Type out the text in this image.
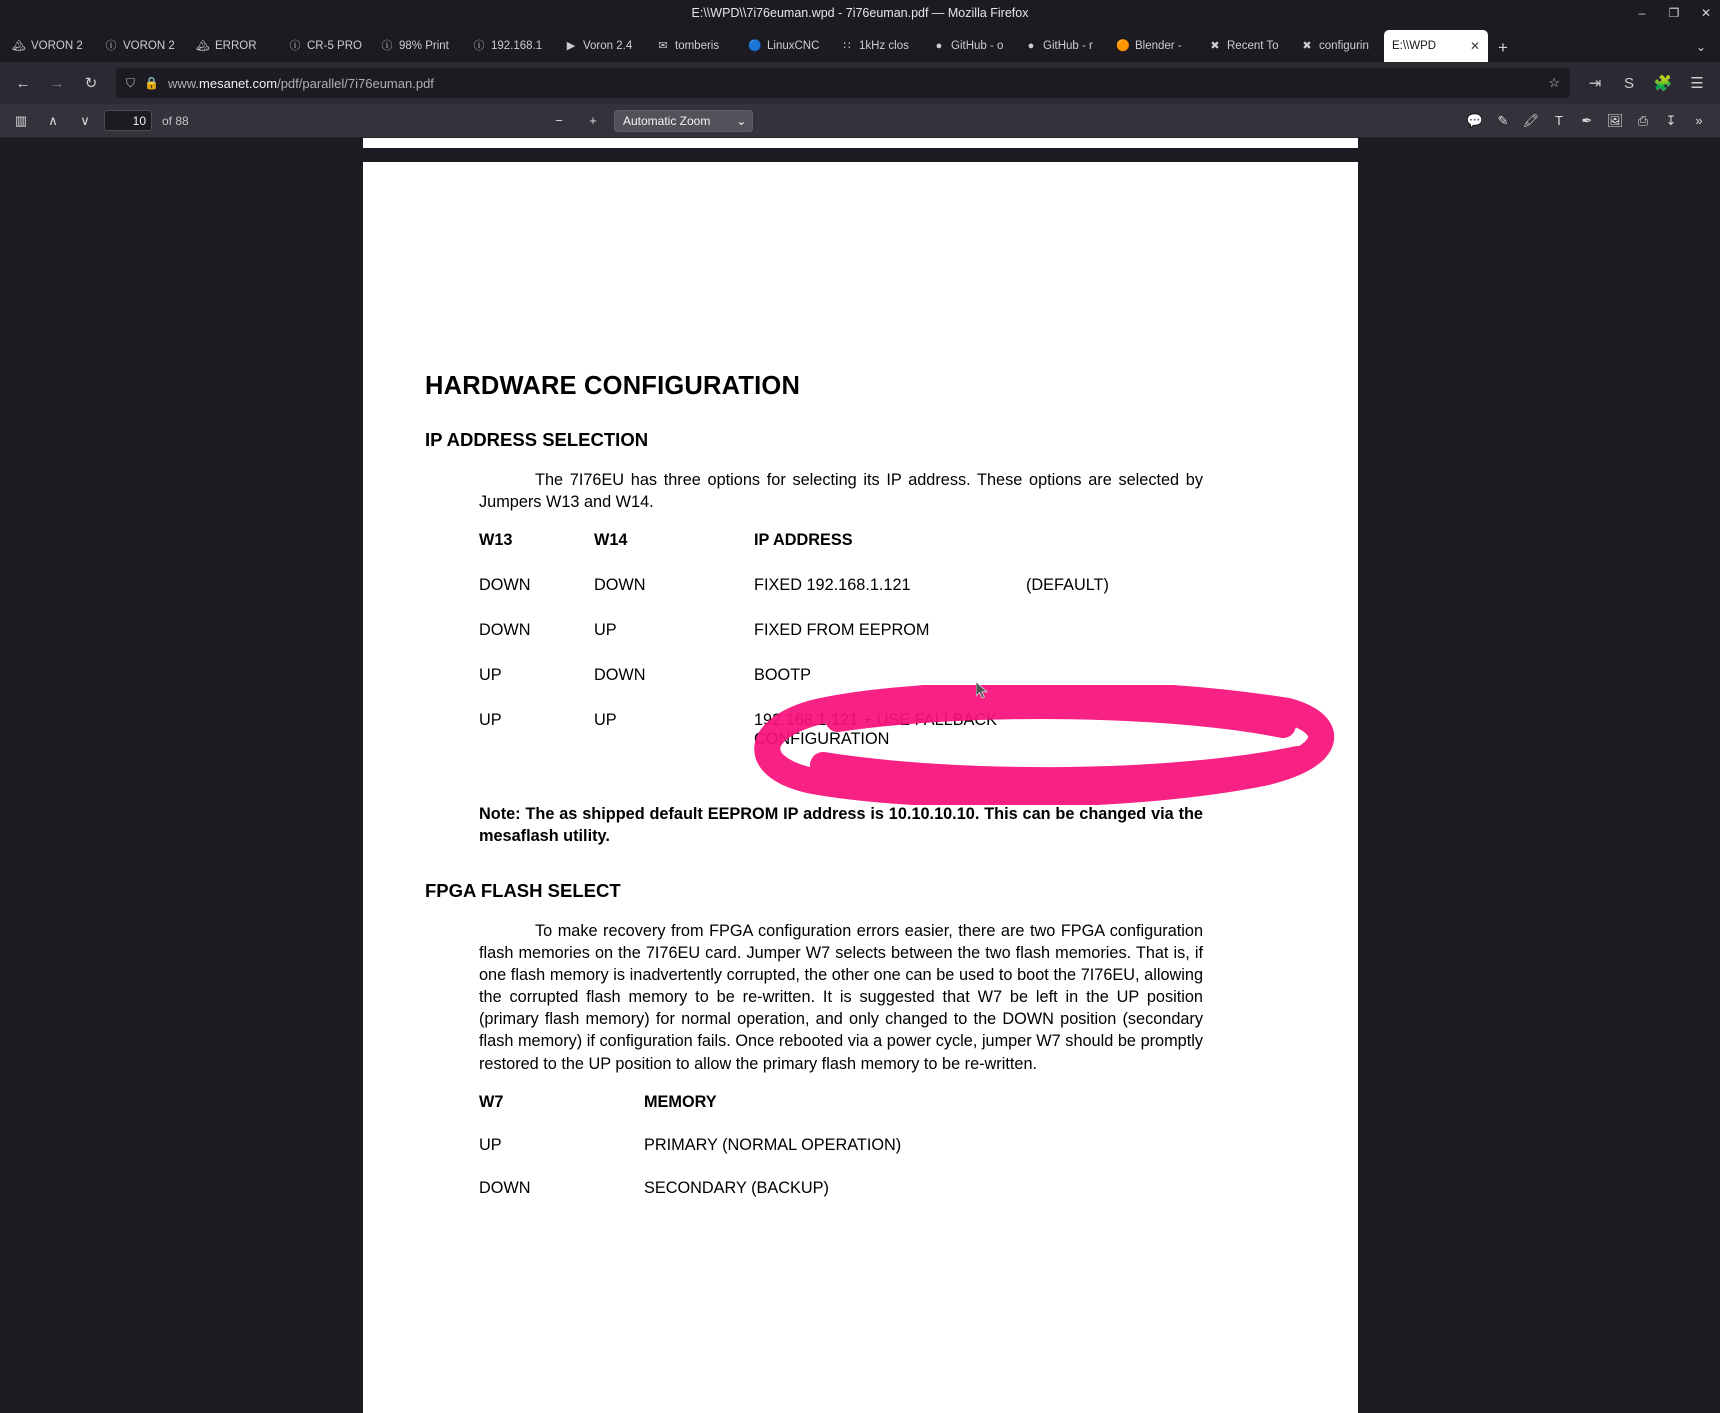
E:\\WPD\\7i76euman.wpd - 7i76euman.pdf — Mozilla Firefox	–	❐ ✕
🏔 VORON 2	ⓘ VORON 2	🏔 ERROR	ⓘ CR-5 PRO ⓘ 98% Print	ⓘ 192.168.1	▶ Voron 2.4	✉ tomberis	🔵 LinuxCNC	∷ 1kHz clos	● GitHub - o	● GitHub - r	🟠 Blender -	✖ Recent To	✖ configurin	E:\\WPD	✕	+	⌄
←	→	↻	⛉ 🔒 www.mesanet.com/pdf/parallel/7i76euman.pdf	☆	⇥	S	🧩	☰
▥	∧	∨	10	of 88	−	+	Automatic Zoom ⌄	💬	✎	🖍	T	✒	🖼	⎙	↧	»
HARDWARE CONFIGURATION
IP ADDRESS SELECTION

The 7I76EU has three options for selecting its IP address. These options are selected by Jumpers W13 and W14.

W13	W14	IP ADDRESS	
DOWN	DOWN	FIXED 192.168.1.121	(DEFAULT)
DOWN	UP	FIXED FROM EEPROM	
UP	DOWN	BOOTP	
UP	UP	192.168.1.121 + USE FALLBACK CONFIGURATION	
Note: The as shipped default EEPROM IP address is 10.10.10.10. This can be changed via the mesaflash utility.
FPGA FLASH SELECT

To make recovery from FPGA configuration errors easier, there are two FPGA configuration flash memories on the 7I76EU card. Jumper W7 selects between the two flash memories. That is, if one flash memory is inadvertently corrupted, the other one can be used to boot the 7I76EU, allowing the corrupted flash memory to be re-written. It is suggested that W7 be left in the UP position (primary flash memory) for normal operation, and only changed to the DOWN position (secondary flash memory) if configuration fails. Once rebooted via a power cycle, jumper W7 should be promptly restored to the UP position to allow the primary flash memory to be re-written.

W7	MEMORY
UP	PRIMARY (NORMAL OPERATION)
DOWN	SECONDARY (BACKUP)
